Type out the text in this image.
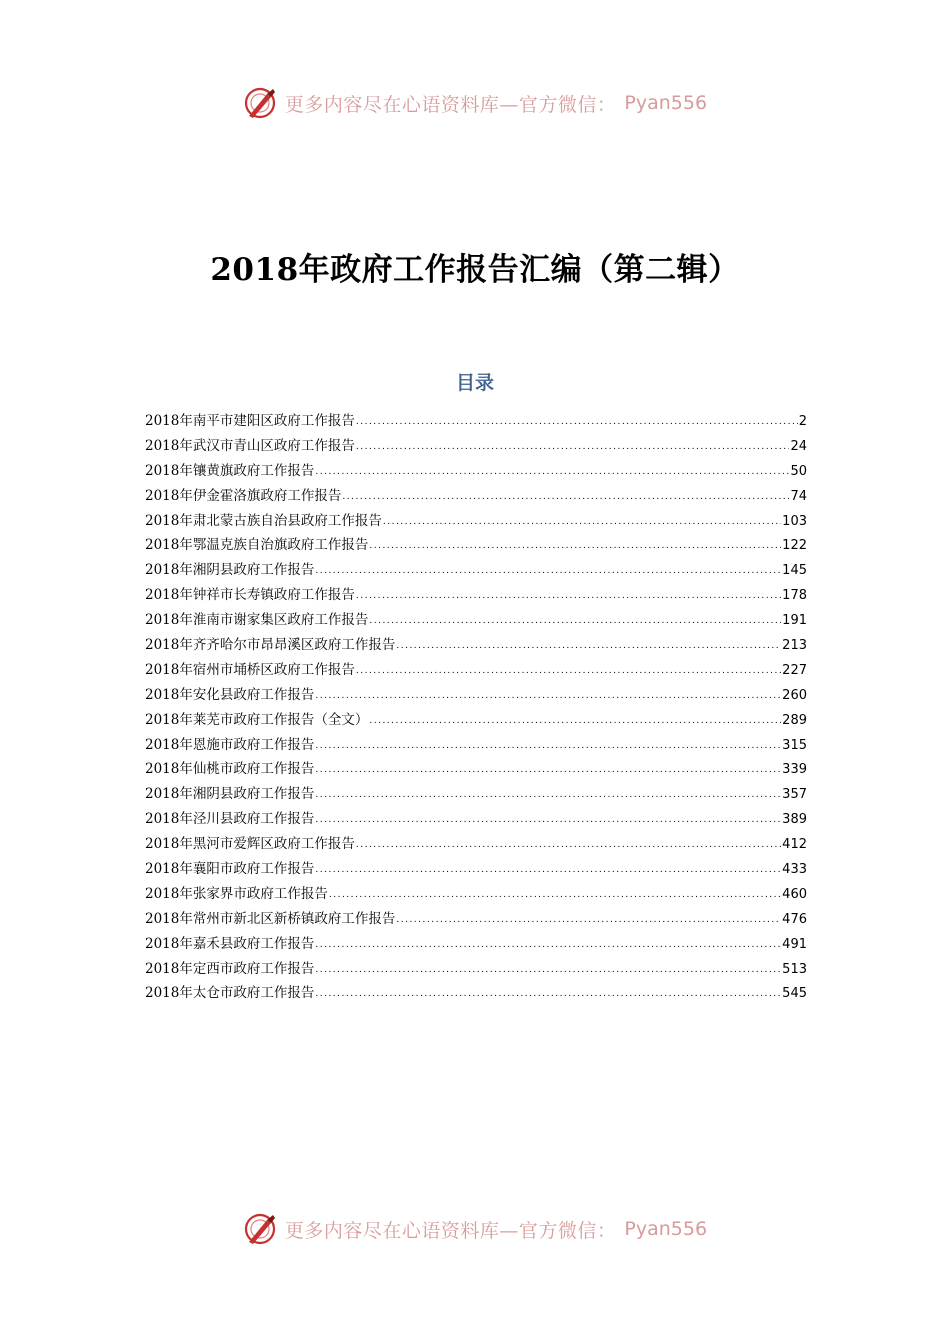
更多内容尽在心语资料库—官方微信： Pyan556
2018年政府工作报告汇编（第二辑）
目录
2018年南平市建阳区政府工作报告 .....	2
2018年武汉市青山区政府工作报告 .....	24
2018年镶黄旗政府工作报告 .....	50
2018年伊金霍洛旗政府工作报告 .....	74
2018年肃北蒙古族自治县政府工作报告 .....	103
2018年鄂温克族自治旗政府工作报告 .....	122
2018年湘阴县政府工作报告 .....	145
2018年钟祥市长寿镇政府工作报告 .....	178
2018年淮南市谢家集区政府工作报告 .....	191
2018年齐齐哈尔市昂昂溪区政府工作报告 .....	213
2018年宿州市埇桥区政府工作报告 .....	227
2018年安化县政府工作报告 .....	260
2018年莱芜市政府工作报告（全文） .....	289
2018年恩施市政府工作报告 .....	315
2018年仙桃市政府工作报告 .....	339
2018年湘阴县政府工作报告 .....	357
2018年泾川县政府工作报告 .....	389
2018年黑河市爱辉区政府工作报告 .....	412
2018年襄阳市政府工作报告 .....	433
2018年张家界市政府工作报告 .....	460
2018年常州市新北区新桥镇政府工作报告 .....	476
2018年嘉禾县政府工作报告 .....	491
2018年定西市政府工作报告 .....	513
2018年太仓市政府工作报告 .....	545
更多内容尽在心语资料库—官方微信： Pyan556
